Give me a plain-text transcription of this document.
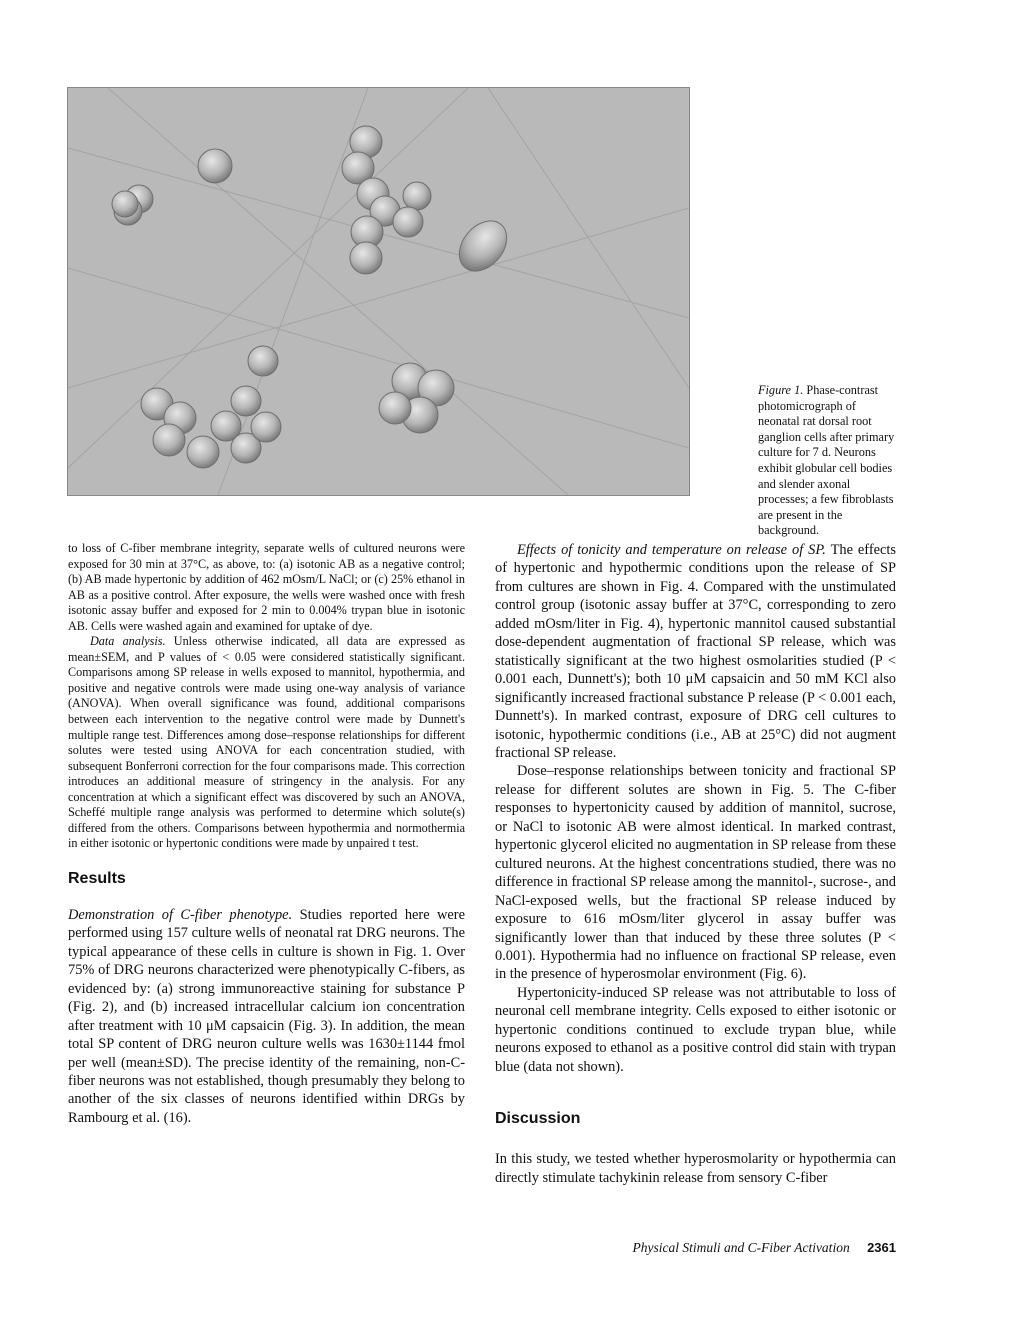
Figure 1. Phase-contrast photomicrograph of neonatal rat dorsal root ganglion cells after primary culture for 7 d. Neurons exhibit globular cell bodies and slender axonal processes; a few fibroblasts are present in the background.

to loss of C-fiber membrane integrity, separate wells of cultured neurons were exposed for 30 min at 37°C, as above, to: (a) isotonic AB as a negative control; (b) AB made hypertonic by addition of 462 mOsm/L NaCl; or (c) 25% ethanol in AB as a positive control. After exposure, the wells were washed once with fresh isotonic assay buffer and exposed for 2 min to 0.004% trypan blue in isotonic AB. Cells were washed again and examined for uptake of dye.

Data analysis. Unless otherwise indicated, all data are expressed as mean±SEM, and P values of < 0.05 were considered statistically significant. Comparisons among SP release in wells exposed to mannitol, hypothermia, and positive and negative controls were made using one-way analysis of variance (ANOVA). When overall significance was found, additional comparisons between each intervention to the negative control were made by Dunnett's multiple range test. Differences among dose–response relationships for different solutes were tested using ANOVA for each concentration studied, with subsequent Bonferroni correction for the four comparisons made. This correction introduces an additional measure of stringency in the analysis. For any concentration at which a significant effect was discovered by such an ANOVA, Scheffé multiple range analysis was performed to determine which solute(s) differed from the others. Comparisons between hypothermia and normothermia in either isotonic or hypertonic conditions were made by unpaired t test.

Results

Demonstration of C-fiber phenotype. Studies reported here were performed using 157 culture wells of neonatal rat DRG neurons. The typical appearance of these cells in culture is shown in Fig. 1. Over 75% of DRG neurons characterized were phenotypically C-fibers, as evidenced by: (a) strong immunoreactive staining for substance P (Fig. 2), and (b) increased intracellular calcium ion concentration after treatment with 10 μM capsaicin (Fig. 3). In addition, the mean total SP content of DRG neuron culture wells was 1630±1144 fmol per well (mean±SD). The precise identity of the remaining, non-C-fiber neurons was not established, though presumably they belong to another of the six classes of neurons identified within DRGs by Rambourg et al. (16).

Effects of tonicity and temperature on release of SP. The effects of hypertonic and hypothermic conditions upon the release of SP from cultures are shown in Fig. 4. Compared with the unstimulated control group (isotonic assay buffer at 37°C, corresponding to zero added mOsm/liter in Fig. 4), hypertonic mannitol caused substantial dose-dependent augmentation of fractional SP release, which was statistically significant at the two highest osmolarities studied (P < 0.001 each, Dunnett's); both 10 μM capsaicin and 50 mM KCl also significantly increased fractional substance P release (P < 0.001 each, Dunnett's). In marked contrast, exposure of DRG cell cultures to isotonic, hypothermic conditions (i.e., AB at 25°C) did not augment fractional SP release.

Dose–response relationships between tonicity and fractional SP release for different solutes are shown in Fig. 5. The C-fiber responses to hypertonicity caused by addition of mannitol, sucrose, or NaCl to isotonic AB were almost identical. In marked contrast, hypertonic glycerol elicited no augmentation in SP release from these cultured neurons. At the highest concentrations studied, there was no difference in fractional SP release among the mannitol-, sucrose-, and NaCl-exposed wells, but the fractional SP release induced by exposure to 616 mOsm/liter glycerol in assay buffer was significantly lower than that induced by these three solutes (P < 0.001). Hypothermia had no influence on fractional SP release, even in the presence of hyperosmolar environment (Fig. 6).

Hypertonicity-induced SP release was not attributable to loss of neuronal cell membrane integrity. Cells exposed to either isotonic or hypertonic conditions continued to exclude trypan blue, while neurons exposed to ethanol as a positive control did stain with trypan blue (data not shown).

Discussion

In this study, we tested whether hyperosmolarity or hypothermia can directly stimulate tachykinin release from sensory C-fiber

Physical Stimuli and C-Fiber Activation 2361
